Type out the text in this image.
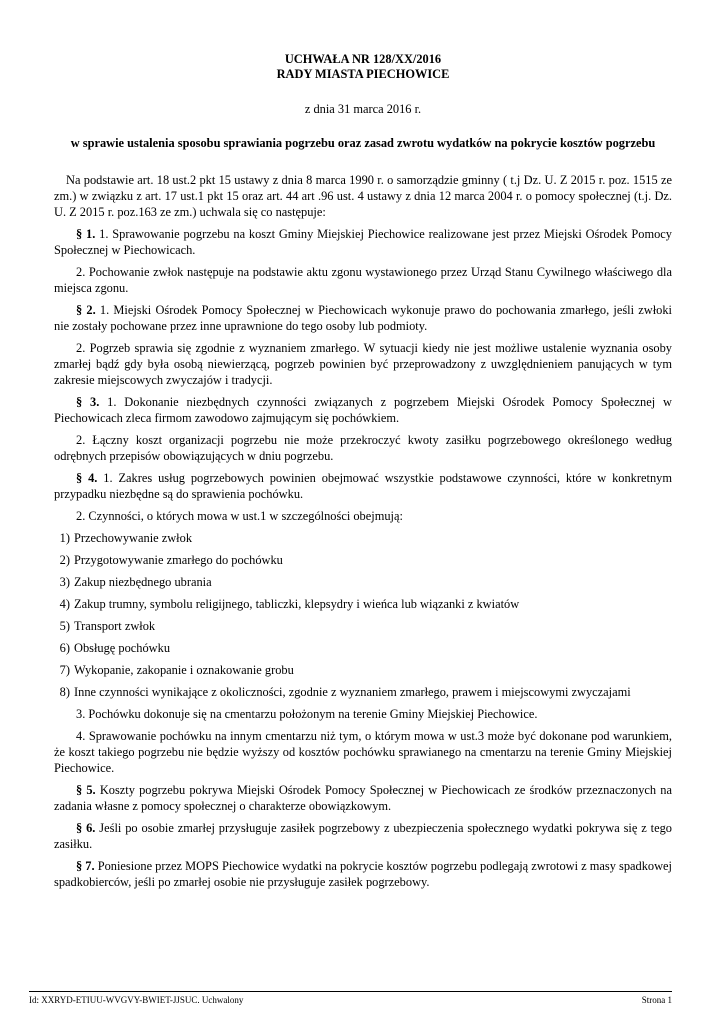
UCHWAŁA NR 128/XX/2016
RADY MIASTA PIECHOWICE
z dnia 31 marca 2016 r.
w sprawie ustalenia sposobu sprawiania pogrzebu oraz zasad zwrotu wydatków na pokrycie kosztów pogrzebu

Na podstawie art. 18 ust.2 pkt 15 ustawy z dnia 8 marca 1990 r. o samorządzie gminny ( t.j Dz. U. Z 2015 r. poz. 1515 ze zm.) w związku z art. 17 ust.1 pkt 15 oraz art. 44 art .96 ust. 4 ustawy z dnia 12 marca 2004 r. o pomocy społecznej (t.j. Dz. U. Z 2015 r. poz.163 ze zm.) uchwala się co następuje:

§ 1. 1. Sprawowanie pogrzebu na koszt Gminy Miejskiej Piechowice realizowane jest przez Miejski Ośrodek Pomocy Społecznej w Piechowicach.

2. Pochowanie zwłok następuje na podstawie aktu zgonu wystawionego przez Urząd Stanu Cywilnego właściwego dla miejsca zgonu.

§ 2. 1. Miejski Ośrodek Pomocy Społecznej w Piechowicach wykonuje prawo do pochowania zmarłego, jeśli zwłoki nie zostały pochowane przez inne uprawnione do tego osoby lub podmioty.

2. Pogrzeb sprawia się zgodnie z wyznaniem zmarłego. W sytuacji kiedy nie jest możliwe ustalenie wyznania osoby zmarłej bądź gdy była osobą niewierzącą, pogrzeb powinien być przeprowadzony z uwzględnieniem panujących w tym zakresie miejscowych zwyczajów i tradycji.

§ 3. 1. Dokonanie niezbędnych czynności związanych z pogrzebem Miejski Ośrodek Pomocy Społecznej w Piechowicach zleca firmom zawodowo zajmującym się pochówkiem.

2. Łączny koszt organizacji pogrzebu nie może przekroczyć kwoty zasiłku pogrzebowego określonego według odrębnych przepisów obowiązujących w dniu pogrzebu.

§ 4. 1. Zakres usług pogrzebowych powinien obejmować wszystkie podstawowe czynności, które w konkretnym przypadku niezbędne są do sprawienia pochówku.

2. Czynności, o których mowa w ust.1 w szczególności obejmują:

1) Przechowywanie zwłok
2) Przygotowywanie zmarłego do pochówku
3) Zakup niezbędnego ubrania
4) Zakup trumny, symbolu religijnego, tabliczki, klepsydry i wieńca lub wiązanki z kwiatów
5) Transport zwłok
6) Obsługę pochówku
7) Wykopanie, zakopanie i oznakowanie grobu
8) Inne czynności wynikające z okoliczności, zgodnie z wyznaniem zmarłego, prawem i miejscowymi zwyczajami

3. Pochówku dokonuje się na cmentarzu położonym na terenie Gminy Miejskiej Piechowice.

4. Sprawowanie pochówku na innym cmentarzu niż tym, o którym mowa w ust.3 może być dokonane pod warunkiem, że koszt takiego pogrzebu nie będzie wyższy od kosztów pochówku sprawianego na cmentarzu na terenie Gminy Miejskiej Piechowice.

§ 5. Koszty pogrzebu pokrywa Miejski Ośrodek Pomocy Społecznej w Piechowicach ze środków przeznaczonych na zadania własne z pomocy społecznej o charakterze obowiązkowym.

§ 6. Jeśli po osobie zmarłej przysługuje zasiłek pogrzebowy z ubezpieczenia społecznego wydatki pokrywa się z tego zasiłku.

§ 7. Poniesione przez MOPS Piechowice wydatki na pokrycie kosztów pogrzebu podlegają zwrotowi z masy spadkowej spadkobierców, jeśli po zmarłej osobie nie przysługuje zasiłek pogrzebowy.

Id: XXRYD-ETIUU-WVGVY-BWIET-JJSUC. Uchwalony	Strona 1
